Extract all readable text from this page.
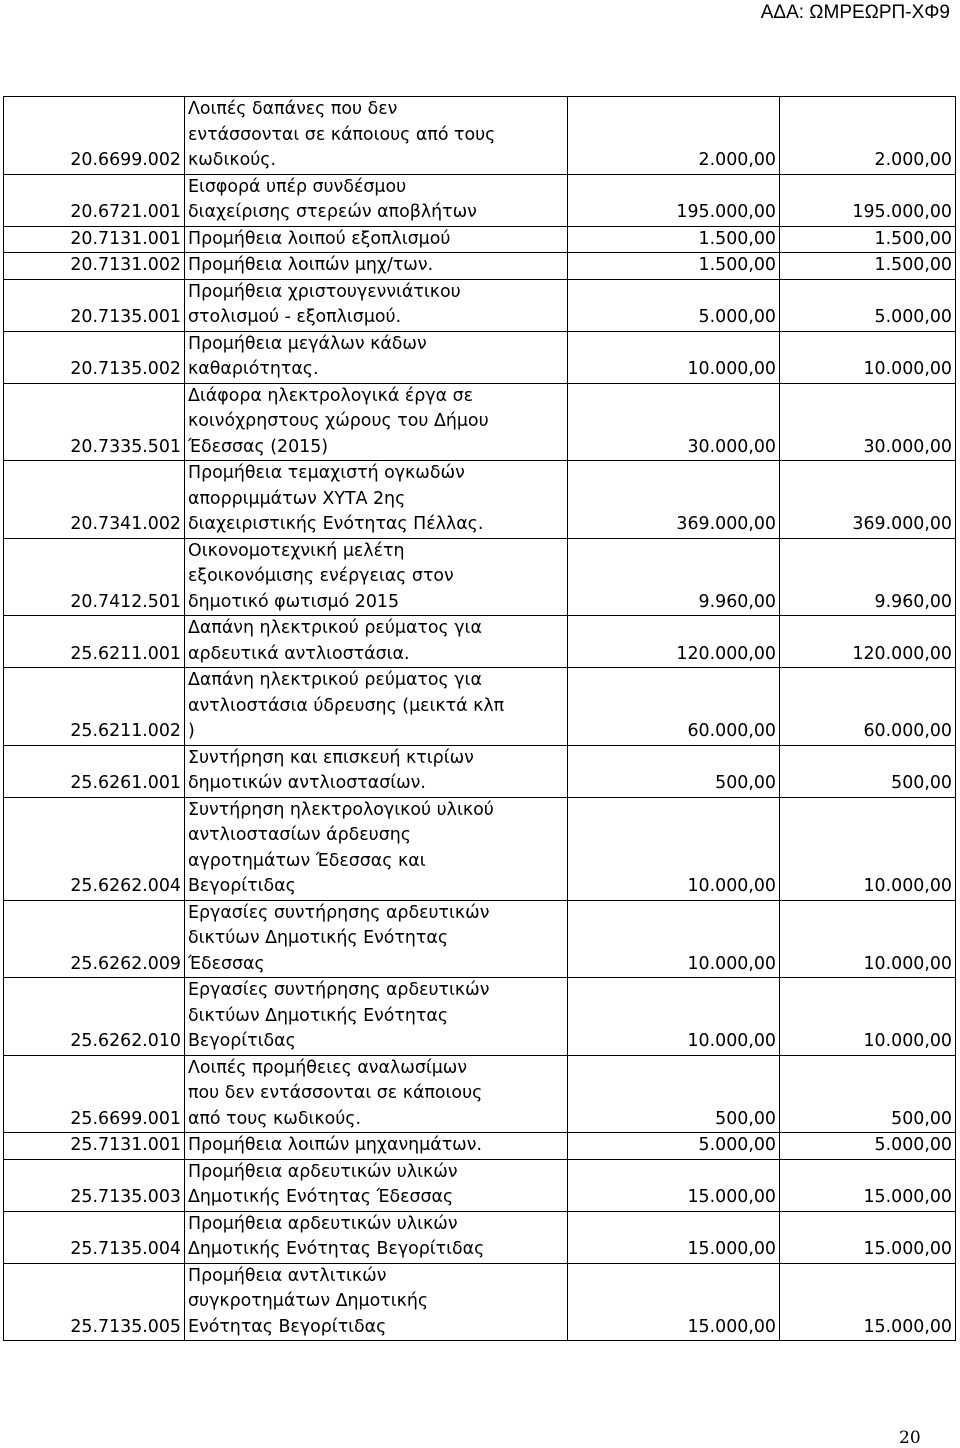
ΑΔΑ: ΩΜΡΕΩΡΠ-ΧΦ9
20.6699.002	Λοιπές δαπάνες που δεν
εντάσσονται σε κάποιους από τους
κωδικούς.	2.000,00	2.000,00
20.6721.001	Εισφορά υπέρ συνδέσμου
διαχείρισης στερεών αποβλήτων	195.000,00	195.000,00
20.7131.001	Προμήθεια λοιπού εξοπλισμού	1.500,00	1.500,00
20.7131.002	Προμήθεια λοιπών μηχ/των.	1.500,00	1.500,00
20.7135.001	Προμήθεια χριστουγεννιάτικου
στολισμού - εξοπλισμού.	5.000,00	5.000,00
20.7135.002	Προμήθεια μεγάλων κάδων
καθαριότητας.	10.000,00	10.000,00
20.7335.501	Διάφορα ηλεκτρολογικά έργα σε
κοινόχρηστους χώρους του Δήμου
Έδεσσας (2015)	30.000,00	30.000,00
20.7341.002	Προμήθεια τεμαχιστή ογκωδών
απορριμμάτων ΧΥΤΑ 2ης
διαχειριστικής Ενότητας Πέλλας.	369.000,00	369.000,00
20.7412.501	Οικονομοτεχνική μελέτη
εξοικονόμισης ενέργειας στον
δημοτικό φωτισμό 2015	9.960,00	9.960,00
25.6211.001	Δαπάνη ηλεκτρικού ρεύματος για
αρδευτικά αντλιοστάσια.	120.000,00	120.000,00
25.6211.002	Δαπάνη ηλεκτρικού ρεύματος για
αντλιοστάσια ύδρευσης (μεικτά κλπ
)	60.000,00	60.000,00
25.6261.001	Συντήρηση και επισκευή κτιρίων
δημοτικών αντλιοστασίων.	500,00	500,00
25.6262.004	Συντήρηση ηλεκτρολογικού υλικού
αντλιοστασίων άρδευσης
αγροτημάτων Έδεσσας και
Βεγορίτιδας	10.000,00	10.000,00
25.6262.009	Εργασίες συντήρησης αρδευτικών
δικτύων Δημοτικής Ενότητας
Έδεσσας	10.000,00	10.000,00
25.6262.010	Εργασίες συντήρησης αρδευτικών
δικτύων Δημοτικής Ενότητας
Βεγορίτιδας	10.000,00	10.000,00
25.6699.001	Λοιπές προμήθειες αναλωσίμων
που δεν εντάσσονται σε κάποιους
από τους κωδικούς.	500,00	500,00
25.7131.001	Προμήθεια λοιπών μηχανημάτων.	5.000,00	5.000,00
25.7135.003	Προμήθεια αρδευτικών υλικών
Δημοτικής Ενότητας Έδεσσας	15.000,00	15.000,00
25.7135.004	Προμήθεια αρδευτικών υλικών
Δημοτικής Ενότητας Βεγορίτιδας	15.000,00	15.000,00
25.7135.005	Προμήθεια αντλιτικών
συγκροτημάτων Δημοτικής
Ενότητας Βεγορίτιδας	15.000,00	15.000,00
20
